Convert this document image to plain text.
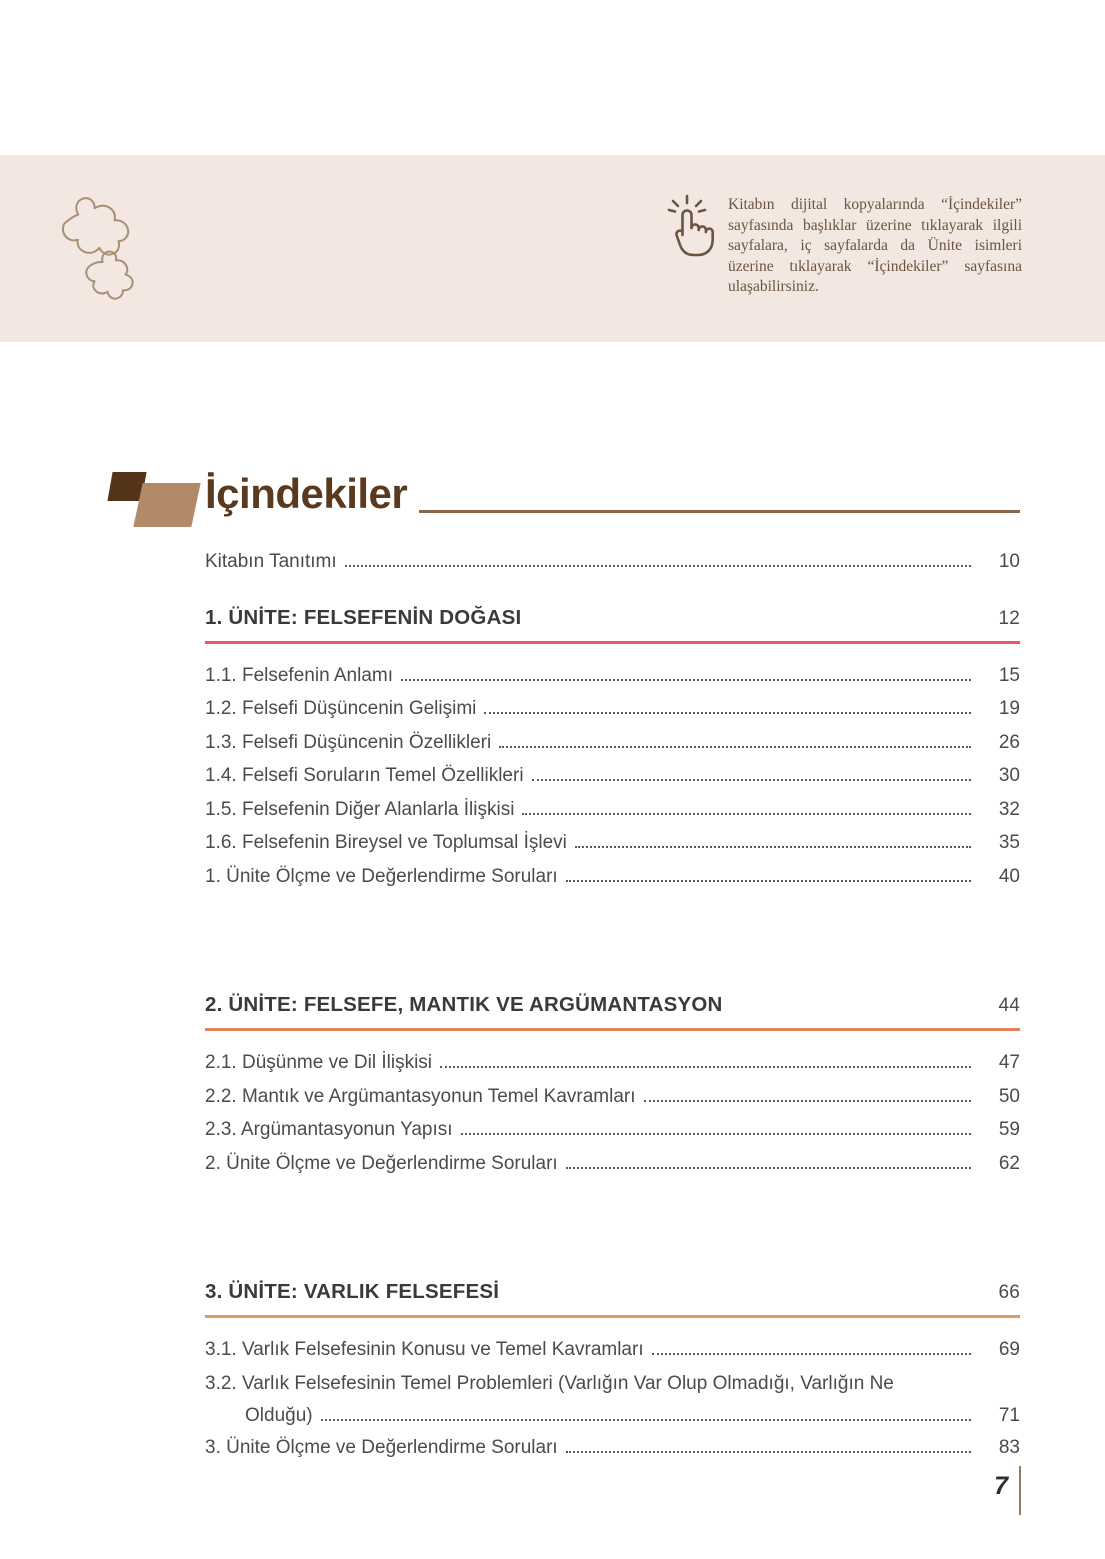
Kitabın dijital kopyalarında “İçindekiler” sayfasında başlıklar üzerine tıklayarak ilgili sayfalara, iç sayfalarda da Ünite isimleri üzerine tıklayarak “İçindekiler” sayfasına ulaşabilirsiniz.
İçindekiler
Kitabın Tanıtımı	10
1. ÜNİTE: FELSEFENİN DOĞASI	12
1.1. Felsefenin Anlamı	15
1.2. Felsefi Düşüncenin Gelişimi	19
1.3. Felsefi Düşüncenin Özellikleri	26
1.4. Felsefi Soruların Temel Özellikleri	30
1.5. Felsefenin Diğer Alanlarla İlişkisi	32
1.6. Felsefenin Bireysel ve Toplumsal İşlevi	35
1. Ünite Ölçme ve Değerlendirme Soruları	40
2. ÜNİTE: FELSEFE, MANTIK VE ARGÜMANTASYON	44
2.1. Düşünme ve Dil İlişkisi	47
2.2. Mantık ve Argümantasyonun Temel Kavramları	50
2.3. Argümantasyonun Yapısı	59
2. Ünite Ölçme ve Değerlendirme Soruları	62
3. ÜNİTE: VARLIK FELSEFESİ	66
3.1. Varlık Felsefesinin Konusu ve Temel Kavramları	69
3.2. Varlık Felsefesinin Temel Problemleri (Varlığın Var Olup Olmadığı, Varlığın Ne
Olduğu)	71
3. Ünite Ölçme ve Değerlendirme Soruları	83
7
